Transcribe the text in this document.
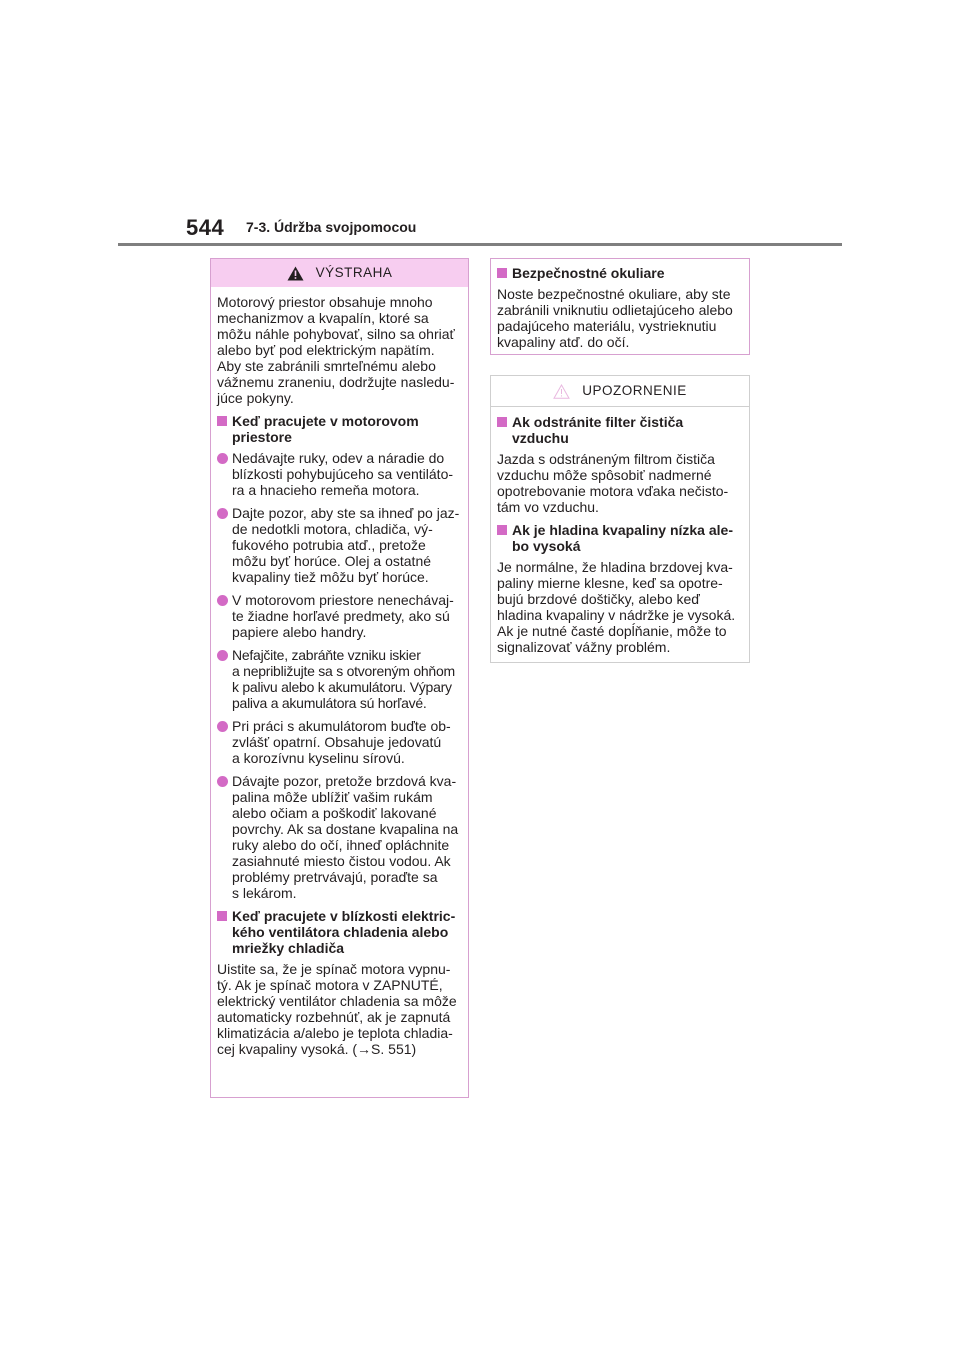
544 7-3. Údržba svojpomocou
VÝSTRAHA

Motorový priestor obsahuje mnoho
mechanizmov a kvapalín, ktoré sa
môžu náhle pohybovať, silno sa ohriať
alebo byť pod elektrickým napätím.
Aby ste zabránili smrteľnému alebo
vážnemu zraneniu, dodržujte nasledu-
júce pokyny.

Keď pracujete v motorovom
priestore
Nedávajte ruky, odev a náradie do
blízkosti pohybujúceho sa ventiláto-
ra a hnacieho remeňa motora.
Dajte pozor, aby ste sa ihneď po jaz-
de nedotkli motora, chladiča, vý-
fukového potrubia atď., pretože
môžu byť horúce. Olej a ostatné
kvapaliny tiež môžu byť horúce.
V motorovom priestore nenechávaj-
te žiadne horľavé predmety, ako sú
papiere alebo handry.
Nefajčite, zabráňte vzniku iskier
a nepribližujte sa s otvoreným ohňom
k palivu alebo k akumulátoru. Výpary
paliva a akumulátora sú horľavé.
Pri práci s akumulátorom buďte ob-
zvlášť opatrní. Obsahuje jedovatú
a korozívnu kyselinu sírovú.
Dávajte pozor, pretože brzdová kva-
palina môže ublížiť vašim rukám
alebo očiam a poškodiť lakované
povrchy. Ak sa dostane kvapalina na
ruky alebo do očí, ihneď opláchnite
zasiahnuté miesto čistou vodou. Ak
problémy pretrvávajú, poraďte sa
s lekárom.
Keď pracujete v blízkosti elektric-
kého ventilátora chladenia alebo
mriežky chladiča

Uistite sa, že je spínač motora vypnu-
tý. Ak je spínač motora v ZAPNUTÉ,
elektrický ventilátor chladenia sa môže
automaticky rozbehnúť, ak je zapnutá
klimatizácia a/alebo je teplota chladia-
cej kvapaliny vysoká. (→S. 551)

Bezpečnostné okuliare

Noste bezpečnostné okuliare, aby ste
zabránili vniknutiu odlietajúceho alebo
padajúceho materiálu, vystrieknutiu
kvapaliny atď. do očí.

UPOZORNENIE
Ak odstránite filter čističa
vzduchu

Jazda s odstráneným filtrom čističa
vzduchu môže spôsobiť nadmerné
opotrebovanie motora vďaka nečisto-
tám vo vzduchu.

Ak je hladina kvapaliny nízka ale-
bo vysoká

Je normálne, že hladina brzdovej kva-
paliny mierne klesne, keď sa opotre-
bujú brzdové doštičky, alebo keď
hladina kvapaliny v nádržke je vysoká.
Ak je nutné časté dopĺňanie, môže to
signalizovať vážny problém.
